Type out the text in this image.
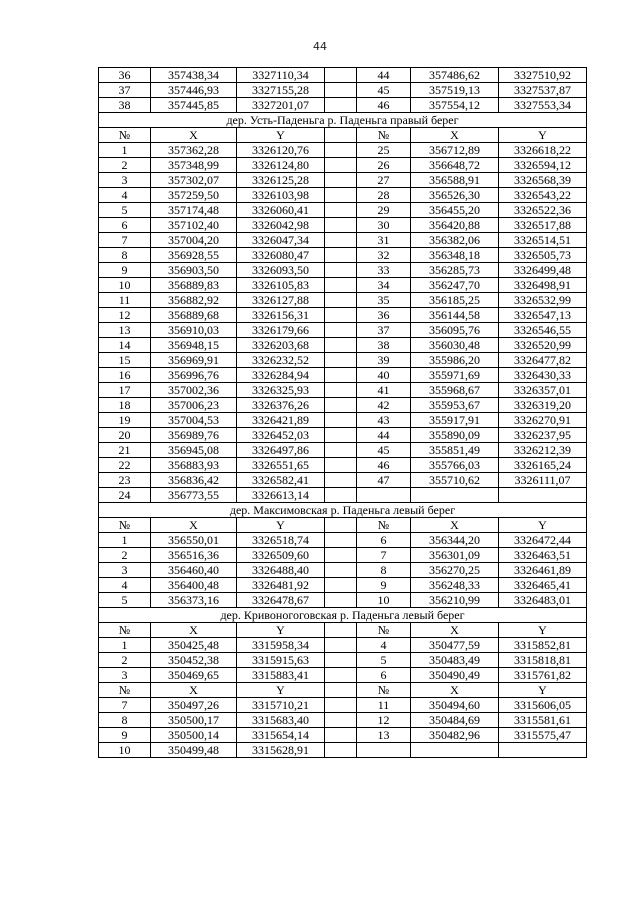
44
36	357438,34	3327110,34		44	357486,62	3327510,92
37	357446,93	3327155,28		45	357519,13	3327537,87
38	357445,85	3327201,07		46	357554,12	3327553,34
дер. Усть-Паденьга р. Паденьга правый берег						
№	X	Y		№	X	Y
1	357362,28	3326120,76		25	356712,89	3326618,22
2	357348,99	3326124,80		26	356648,72	3326594,12
3	357302,07	3326125,28		27	356588,91	3326568,39
4	357259,50	3326103,98		28	356526,30	3326543,22
5	357174,48	3326060,41		29	356455,20	3326522,36
6	357102,40	3326042,98		30	356420,88	3326517,88
7	357004,20	3326047,34		31	356382,06	3326514,51
8	356928,55	3326080,47		32	356348,18	3326505,73
9	356903,50	3326093,50		33	356285,73	3326499,48
10	356889,83	3326105,83		34	356247,70	3326498,91
11	356882,92	3326127,88		35	356185,25	3326532,99
12	356889,68	3326156,31		36	356144,58	3326547,13
13	356910,03	3326179,66		37	356095,76	3326546,55
14	356948,15	3326203,68		38	356030,48	3326520,99
15	356969,91	3326232,52		39	355986,20	3326477,82
16	356996,76	3326284,94		40	355971,69	3326430,33
17	357002,36	3326325,93		41	355968,67	3326357,01
18	357006,23	3326376,26		42	355953,67	3326319,20
19	357004,53	3326421,89		43	355917,91	3326270,91
20	356989,76	3326452,03		44	355890,09	3326237,95
21	356945,08	3326497,86		45	355851,49	3326212,39
22	356883,93	3326551,65		46	355766,03	3326165,24
23	356836,42	3326582,41		47	355710,62	3326111,07
24	356773,55	3326613,14				
дер. Максимовская р. Паденьга левый берег						
№	X	Y		№	X	Y
1	356550,01	3326518,74		6	356344,20	3326472,44
2	356516,36	3326509,60		7	356301,09	3326463,51
3	356460,40	3326488,40		8	356270,25	3326461,89
4	356400,48	3326481,92		9	356248,33	3326465,41
5	356373,16	3326478,67		10	356210,99	3326483,01
дер. Кривоногоговская р. Паденьга левый берег						
№	X	Y		№	X	Y
1	350425,48	3315958,34		4	350477,59	3315852,81
2	350452,38	3315915,63		5	350483,49	3315818,81
3	350469,65	3315883,41		6	350490,49	3315761,82
№	X	Y		№	X	Y
7	350497,26	3315710,21		11	350494,60	3315606,05
8	350500,17	3315683,40		12	350484,69	3315581,61
9	350500,14	3315654,14		13	350482,96	3315575,47
10	350499,48	3315628,91				
